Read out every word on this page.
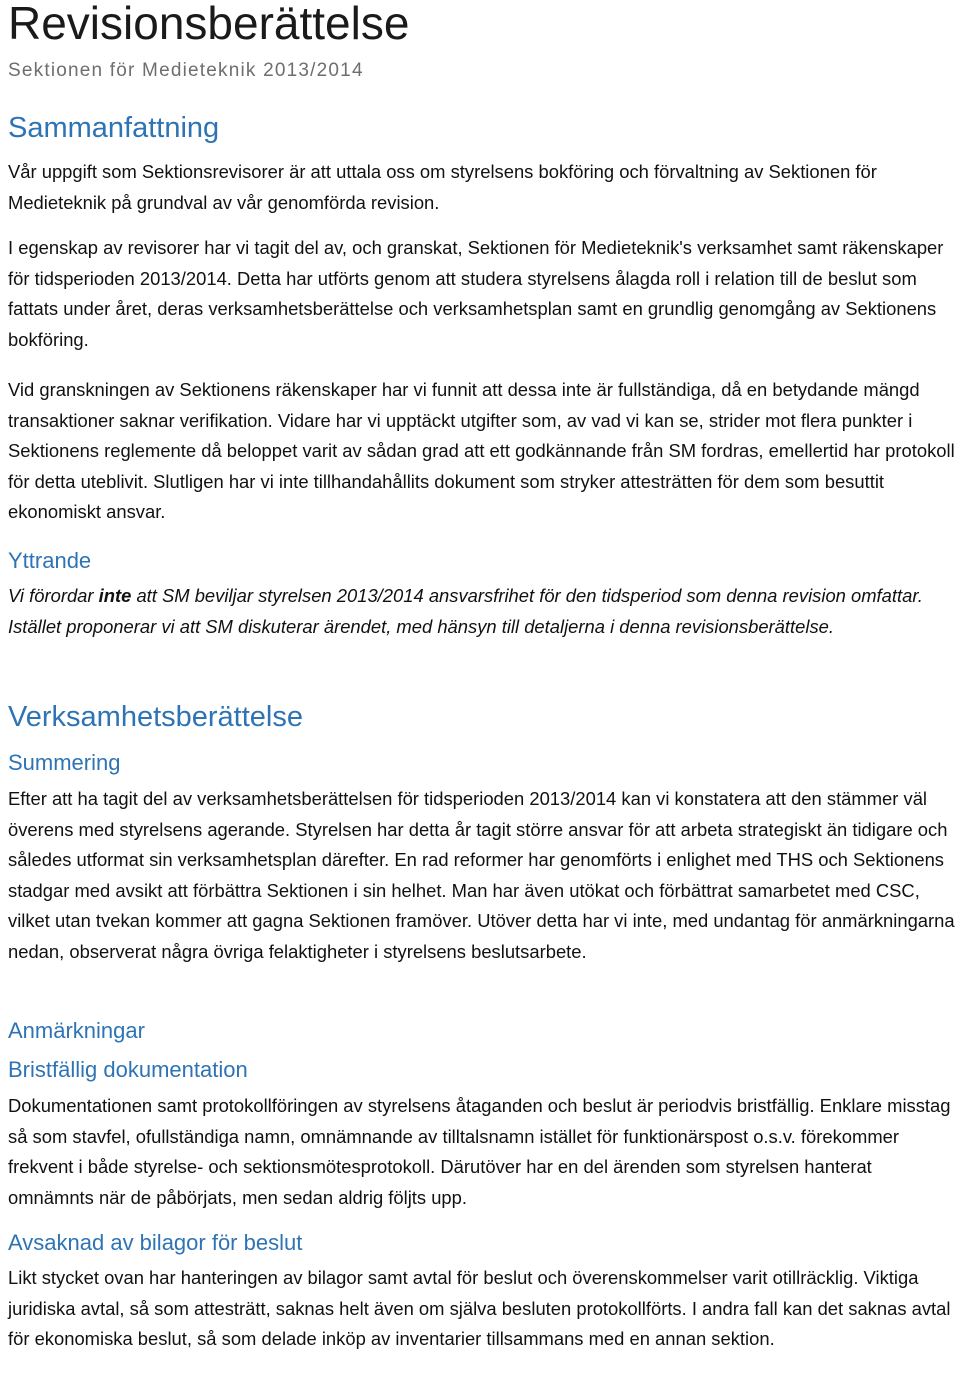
Revisionsberättelse
Sektionen för Medieteknik 2013/2014
Sammanfattning

Vår uppgift som Sektionsrevisorer är att uttala oss om styrelsens bokföring och förvaltning av Sektionen för Medieteknik på grundval av vår genomförda revision.

I egenskap av revisorer har vi tagit del av, och granskat, Sektionen för Medieteknik's verksamhet samt räkenskaper för tidsperioden 2013/2014. Detta har utförts genom att studera styrelsens ålagda roll i relation till de beslut som fattats under året, deras verksamhetsberättelse och verksamhetsplan samt en grundlig genomgång av Sektionens bokföring.

Vid granskningen av Sektionens räkenskaper har vi funnit att dessa inte är fullständiga, då en betydande mängd transaktioner saknar verifikation. Vidare har vi upptäckt utgifter som, av vad vi kan se, strider mot flera punkter i Sektionens reglemente då beloppet varit av sådan grad att ett godkännande från SM fordras, emellertid har protokoll för detta uteblivit. Slutligen har vi inte tillhandahållits dokument som stryker attesträtten för dem som besuttit ekonomiskt ansvar.

Yttrande

Vi förordar inte att SM beviljar styrelsen 2013/2014 ansvarsfrihet för den tidsperiod som denna revision omfattar. Istället proponerar vi att SM diskuterar ärendet, med hänsyn till detaljerna i denna revisionsberättelse.

Verksamhetsberättelse
Summering

Efter att ha tagit del av verksamhetsberättelsen för tidsperioden 2013/2014 kan vi konstatera att den stämmer väl överens med styrelsens agerande. Styrelsen har detta år tagit större ansvar för att arbeta strategiskt än tidigare och således utformat sin verksamhetsplan därefter. En rad reformer har genomförts i enlighet med THS och Sektionens stadgar med avsikt att förbättra Sektionen i sin helhet. Man har även utökat och förbättrat samarbetet med CSC, vilket utan tvekan kommer att gagna Sektionen framöver. Utöver detta har vi inte, med undantag för anmärkningarna nedan, observerat några övriga felaktigheter i styrelsens beslutsarbete.

Anmärkningar
Bristfällig dokumentation

Dokumentationen samt protokollföringen av styrelsens åtaganden och beslut är periodvis bristfällig. Enklare misstag så som stavfel, ofullständiga namn, omnämnande av tilltalsnamn istället för funktionärspost o.s.v. förekommer frekvent i både styrelse- och sektionsmötesprotokoll. Därutöver har en del ärenden som styrelsen hanterat omnämnts när de påbörjats, men sedan aldrig följts upp.

Avsaknad av bilagor för beslut

Likt stycket ovan har hanteringen av bilagor samt avtal för beslut och överenskommelser varit otillräcklig. Viktiga juridiska avtal, så som attesträtt, saknas helt även om själva besluten protokollförts. I andra fall kan det saknas avtal för ekonomiska beslut, så som delade inköp av inventarier tillsammans med en annan sektion.
